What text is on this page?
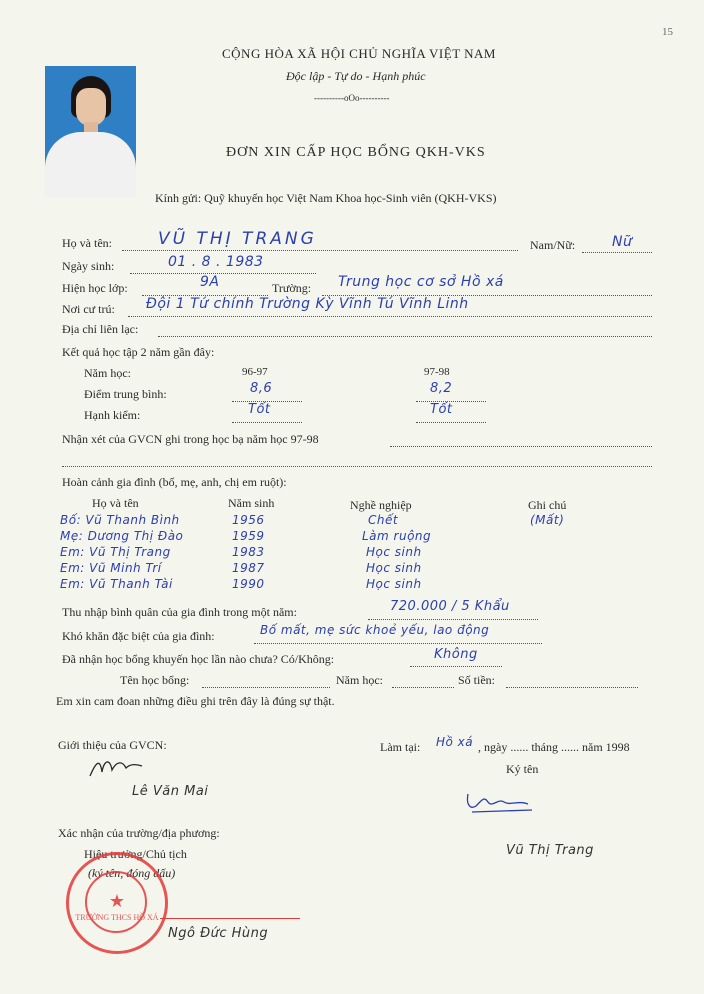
15
CỘNG HÒA XÃ HỘI CHỦ NGHĨA VIỆT NAM
Độc lập - Tự do - Hạnh phúc
----------oOo----------
ĐƠN XIN CẤP HỌC BỔNG QKH-VKS
Kính gửi: Quỹ khuyến học Việt Nam Khoa học-Sinh viên (QKH-VKS)
Họ và tên:	VŨ THỊ TRANG	Nam/Nữ:	Nữ
Ngày sinh:	01 . 8 . 1983
Hiện học lớp:	9A	Trường: Trung học cơ sở Hồ xá
Nơi cư trú: Đội 1 Tứ chính Trường Kỳ Vĩnh Tú Vĩnh Linh
Địa chỉ liên lạc:
Kết quả học tập 2 năm gần đây:
Năm học:	96-97	97-98
Điểm trung bình:	8,6	8,2
Hạnh kiểm:	Tốt	Tốt
Nhận xét của GVCN ghi trong học bạ năm học 97-98
Hoàn cảnh gia đình (bố, mẹ, anh, chị em ruột):
Họ và tên	Năm sinh	Nghề nghiệp	Ghi chú
Bố: Vũ Thanh Bình	1956	Chết	(Mất)
Mẹ: Dương Thị Đào	1959	Làm ruộng
Em: Vũ Thị Trang	1983	Học sinh
Em: Vũ Minh Trí	1987	Học sinh
Em: Vũ Thanh Tài	1990	Học sinh
Thu nhập bình quân của gia đình trong một năm:	720.000 / 5 Khẩu
Khó khăn đặc biệt của gia đình:	Bố mất, mẹ sức khoẻ yếu, lao động
Đã nhận học bổng khuyến học lần nào chưa? Có/Không:	Không
Tên học bổng:	Năm học:	Số tiền:
Em xin cam đoan những điều ghi trên đây là đúng sự thật.
Giới thiệu của GVCN:
Lê Văn Mai
Làm tại: Hồ xá , ngày ...... tháng ...... năm 1998
Ký tên
Vũ Thị Trang
Xác nhận của trường/địa phương:
Hiệu trưởng/Chủ tịch
(ký tên, đóng dấu)
★
TRƯỜNG THCS HỒ XÁ
Ngô Đức Hùng
